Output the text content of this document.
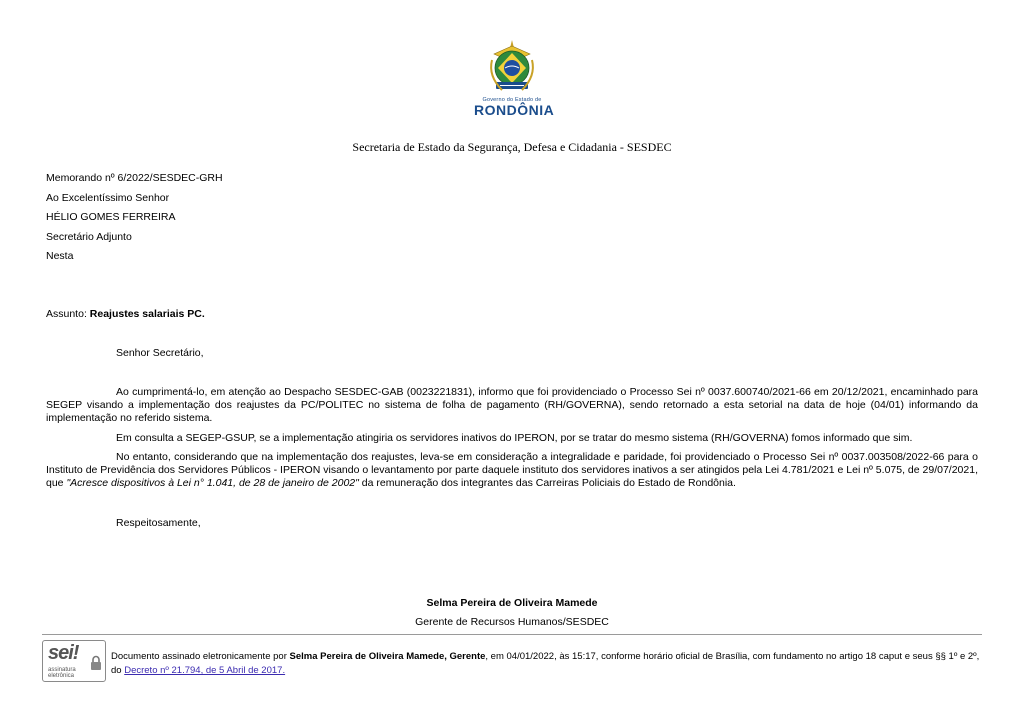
Governo do Estado de
RONDÔNIA
Secretaria de Estado da Segurança, Defesa e Cidadania - SESDEC
Memorando nº 6/2022/SESDEC-GRH
Ao Excelentíssimo Senhor
HÉLIO GOMES FERREIRA
Secretário Adjunto
Nesta
Assunto: Reajustes salariais PC.
Senhor Secretário,

Ao cumprimentá-lo, em atenção ao Despacho SESDEC-GAB (0023221831), informo que foi providenciado o Processo Sei nº 0037.600740/2021-66 em 20/12/2021, encaminhado para SEGEP visando a implementação dos reajustes da PC/POLITEC no sistema de folha de pagamento (RH/GOVERNA), sendo retornado a esta setorial na data de hoje (04/01) informando da implementação no referido sistema.

Em consulta a SEGEP-GSUP, se a implementação atingiria os servidores inativos do IPERON, por se tratar do mesmo sistema (RH/GOVERNA) fomos informado que sim.

No entanto, considerando que na implementação dos reajustes, leva-se em consideração a integralidade e paridade, foi providenciado o Processo Sei nº 0037.003508/2022-66 para o Instituto de Previdência dos Servidores Públicos - IPERON visando o levantamento por parte daquele instituto dos servidores inativos a ser atingidos pela Lei 4.781/2021 e Lei nº 5.075, de 29/07/2021, que "Acresce dispositivos à Lei n° 1.041, de 28 de janeiro de 2002" da remuneração dos integrantes das Carreiras Policiais do Estado de Rondônia.

Respeitosamente,
Selma Pereira de Oliveira Mamede
Gerente de Recursos Humanos/SESDEC
sei!
assinatura
eletrônica

Documento assinado eletronicamente por Selma Pereira de Oliveira Mamede, Gerente, em 04/01/2022, às 15:17, conforme horário oficial de Brasília, com fundamento no artigo 18 caput e seus §§ 1º e 2º, do Decreto nº 21.794, de 5 Abril de 2017.
